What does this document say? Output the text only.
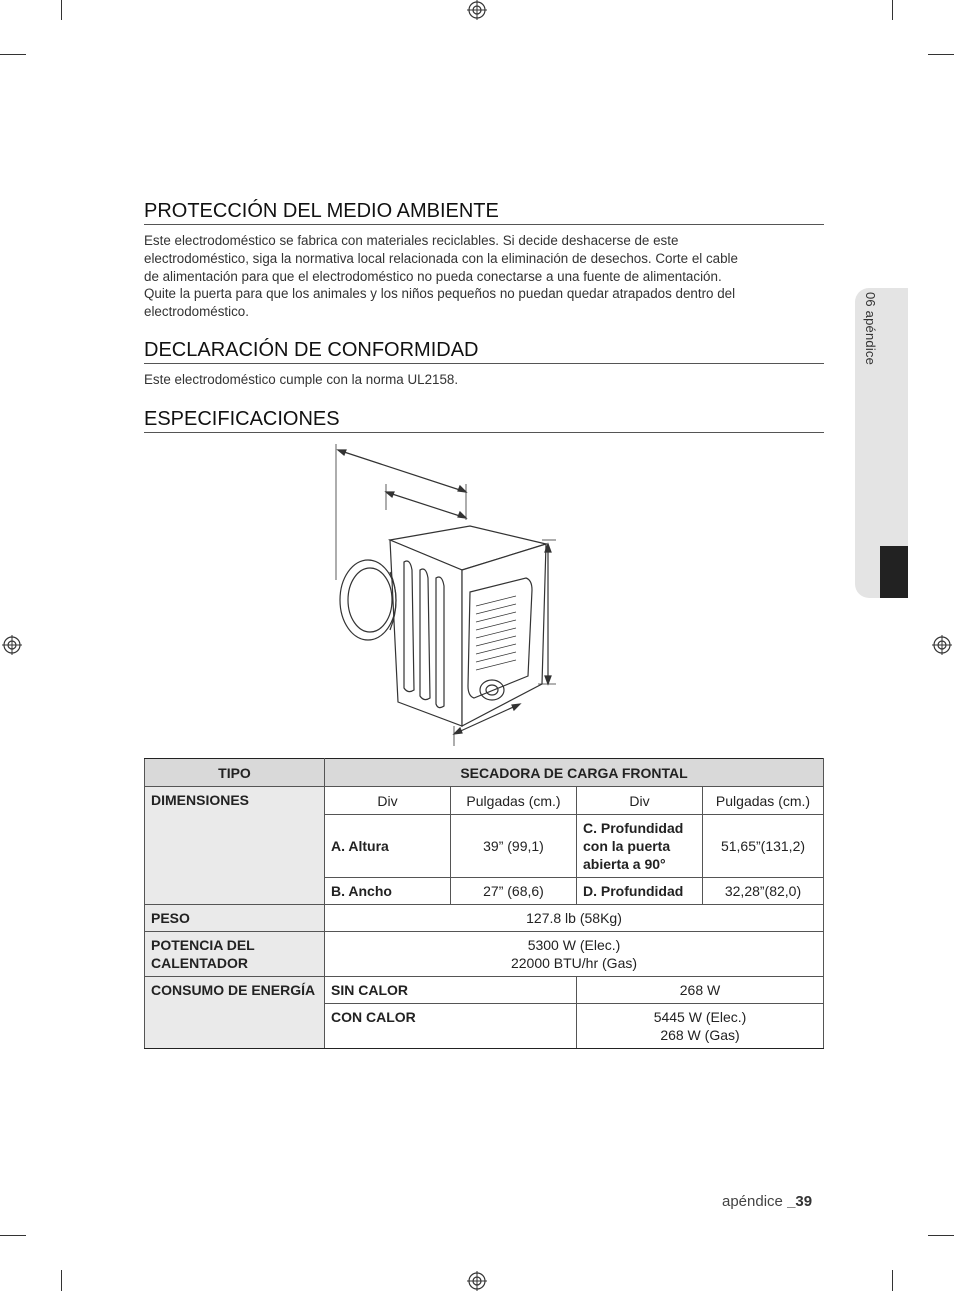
06 apéndice
PROTECCIÓN DEL MEDIO AMBIENTE

Este electrodoméstico se fabrica con materiales reciclables. Si decide deshacerse de este
electrodoméstico, siga la normativa local relacionada con la eliminación de desechos. Corte el cable
de alimentación para que el electrodoméstico no pueda conectarse a una fuente de alimentación.
Quite la puerta para que los animales y los niños pequeños no puedan quedar atrapados dentro del
electrodoméstico.

DECLARACIÓN DE CONFORMIDAD

Este electrodoméstico cumple con la norma UL2158.

ESPECIFICACIONES
TIPO	SECADORA DE CARGA FRONTAL			
DIMENSIONES	Div	Pulgadas (cm.)	Div	Pulgadas (cm.)
	A. Altura	39” (99,1)	C. Profundidad con la puerta abierta a 90°	51,65”(131,2)
	B. Ancho	27” (68,6)	D. Profundidad	32,28”(82,0)
PESO	127.8 lb (58Kg)			
POTENCIA DEL CALENTADOR	5300 W (Elec.)
22000 BTU/hr (Gas)			
CONSUMO DE ENERGÍA	SIN CALOR		268 W	
	CON CALOR		5445 W (Elec.)
268 W (Gas)	
apéndice _39
